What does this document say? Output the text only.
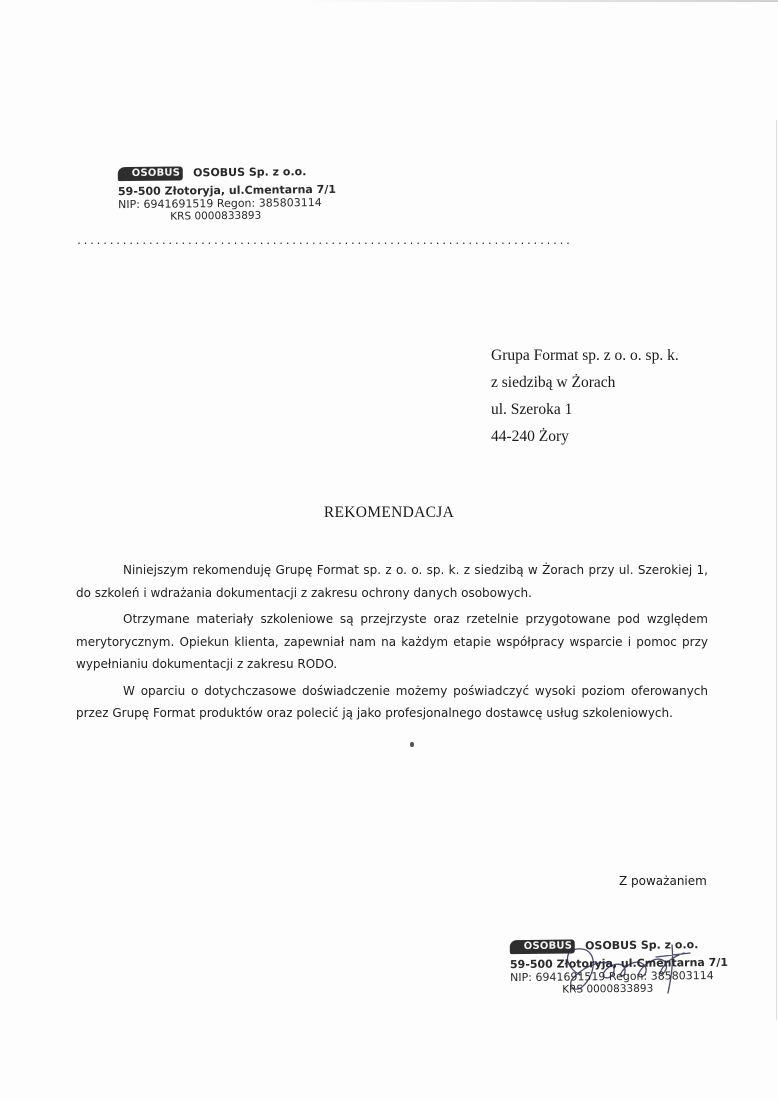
OSOBUS OSOBUS Sp. z o.o.
59-500 Złotoryja, ul.Cmentarna 7/1
NIP: 6941691519 Regon: 385803114
KRS 0000833893
............................................................................
Grupa Format sp. z o. o. sp. k.
z siedzibą w Żorach
ul. Szeroka 1
44-240 Żory
REKOMENDACJA

Niniejszym rekomenduję Grupę Format sp. z o. o. sp. k. z siedzibą w Żorach przy ul. Szerokiej 1, do szkoleń i wdrażania dokumentacji z zakresu ochrony danych osobowych.

Otrzymane materiały szkoleniowe są przejrzyste oraz rzetelnie przygotowane pod względem merytorycznym. Opiekun klienta, zapewniał nam na każdym etapie współpracy wsparcie i pomoc przy wypełnianiu dokumentacji z zakresu RODO.

W oparciu o dotychczasowe doświadczenie możemy poświadczyć wysoki poziom oferowanych przez Grupę Format produktów oraz polecić ją jako profesjonalnego dostawcę usług szkoleniowych.

Z poważaniem
OSOBUS OSOBUS Sp. z o.o.
59-500 Złotoryja, ul.Cmentarna 7/1
NIP: 6941691519 Regon: 385803114
KRS 0000833893
